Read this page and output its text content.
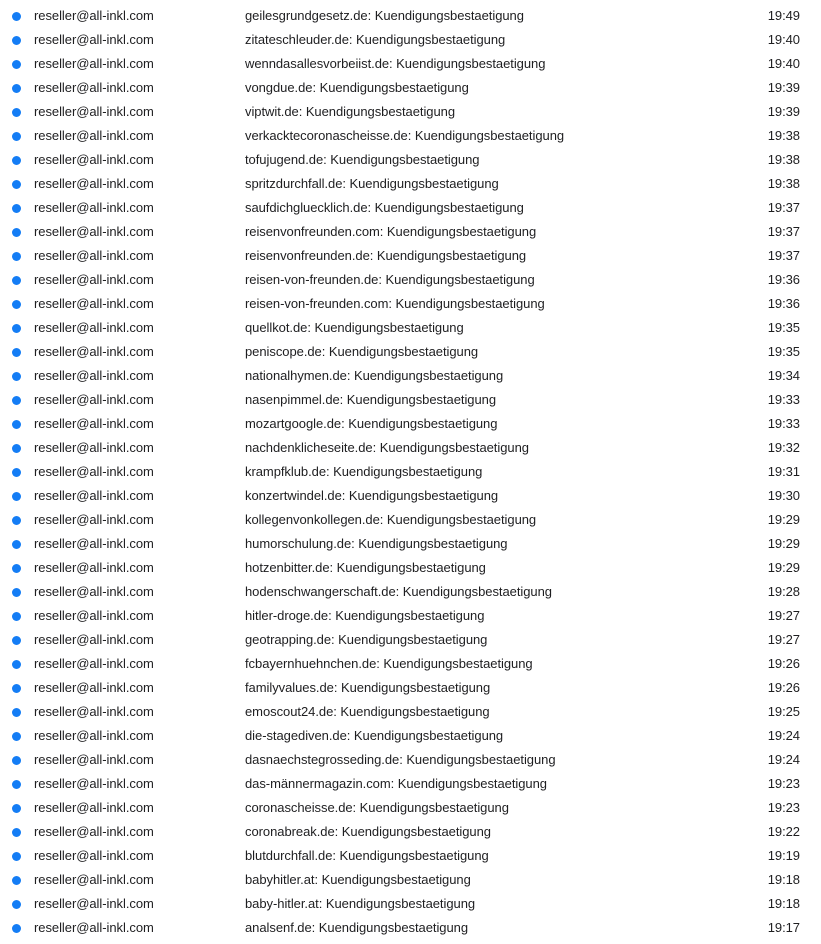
reseller@all-inkl.com	geilesgrundgesetz.de: Kuendigungsbestaetigung	19:49
reseller@all-inkl.com	zitateschleuder.de: Kuendigungsbestaetigung	19:40
reseller@all-inkl.com	wenndasallesvorbeiist.de: Kuendigungsbestaetigung	19:40
reseller@all-inkl.com	vongdue.de: Kuendigungsbestaetigung	19:39
reseller@all-inkl.com	viptwit.de: Kuendigungsbestaetigung	19:39
reseller@all-inkl.com	verkacktecoronascheisse.de: Kuendigungsbestaetigung	19:38
reseller@all-inkl.com	tofujugend.de: Kuendigungsbestaetigung	19:38
reseller@all-inkl.com	spritzdurchfall.de: Kuendigungsbestaetigung	19:38
reseller@all-inkl.com	saufdichgluecklich.de: Kuendigungsbestaetigung	19:37
reseller@all-inkl.com	reisenvonfreunden.com: Kuendigungsbestaetigung	19:37
reseller@all-inkl.com	reisenvonfreunden.de: Kuendigungsbestaetigung	19:37
reseller@all-inkl.com	reisen-von-freunden.de: Kuendigungsbestaetigung	19:36
reseller@all-inkl.com	reisen-von-freunden.com: Kuendigungsbestaetigung	19:36
reseller@all-inkl.com	quellkot.de: Kuendigungsbestaetigung	19:35
reseller@all-inkl.com	peniscope.de: Kuendigungsbestaetigung	19:35
reseller@all-inkl.com	nationalhymen.de: Kuendigungsbestaetigung	19:34
reseller@all-inkl.com	nasenpimmel.de: Kuendigungsbestaetigung	19:33
reseller@all-inkl.com	mozartgoogle.de: Kuendigungsbestaetigung	19:33
reseller@all-inkl.com	nachdenklicheseite.de: Kuendigungsbestaetigung	19:32
reseller@all-inkl.com	krampfklub.de: Kuendigungsbestaetigung	19:31
reseller@all-inkl.com	konzertwindel.de: Kuendigungsbestaetigung	19:30
reseller@all-inkl.com	kollegenvonkollegen.de: Kuendigungsbestaetigung	19:29
reseller@all-inkl.com	humorschulung.de: Kuendigungsbestaetigung	19:29
reseller@all-inkl.com	hotzenbitter.de: Kuendigungsbestaetigung	19:29
reseller@all-inkl.com	hodenschwangerschaft.de: Kuendigungsbestaetigung	19:28
reseller@all-inkl.com	hitler-droge.de: Kuendigungsbestaetigung	19:27
reseller@all-inkl.com	geotrapping.de: Kuendigungsbestaetigung	19:27
reseller@all-inkl.com	fcbayernhuehnchen.de: Kuendigungsbestaetigung	19:26
reseller@all-inkl.com	familyvalues.de: Kuendigungsbestaetigung	19:26
reseller@all-inkl.com	emoscout24.de: Kuendigungsbestaetigung	19:25
reseller@all-inkl.com	die-stagediven.de: Kuendigungsbestaetigung	19:24
reseller@all-inkl.com	dasnaechstegrosseding.de: Kuendigungsbestaetigung	19:24
reseller@all-inkl.com	das-männermagazin.com: Kuendigungsbestaetigung	19:23
reseller@all-inkl.com	coronascheisse.de: Kuendigungsbestaetigung	19:23
reseller@all-inkl.com	coronabreak.de: Kuendigungsbestaetigung	19:22
reseller@all-inkl.com	blutdurchfall.de: Kuendigungsbestaetigung	19:19
reseller@all-inkl.com	babyhitler.at: Kuendigungsbestaetigung	19:18
reseller@all-inkl.com	baby-hitler.at: Kuendigungsbestaetigung	19:18
reseller@all-inkl.com	analsenf.de: Kuendigungsbestaetigung	19:17
